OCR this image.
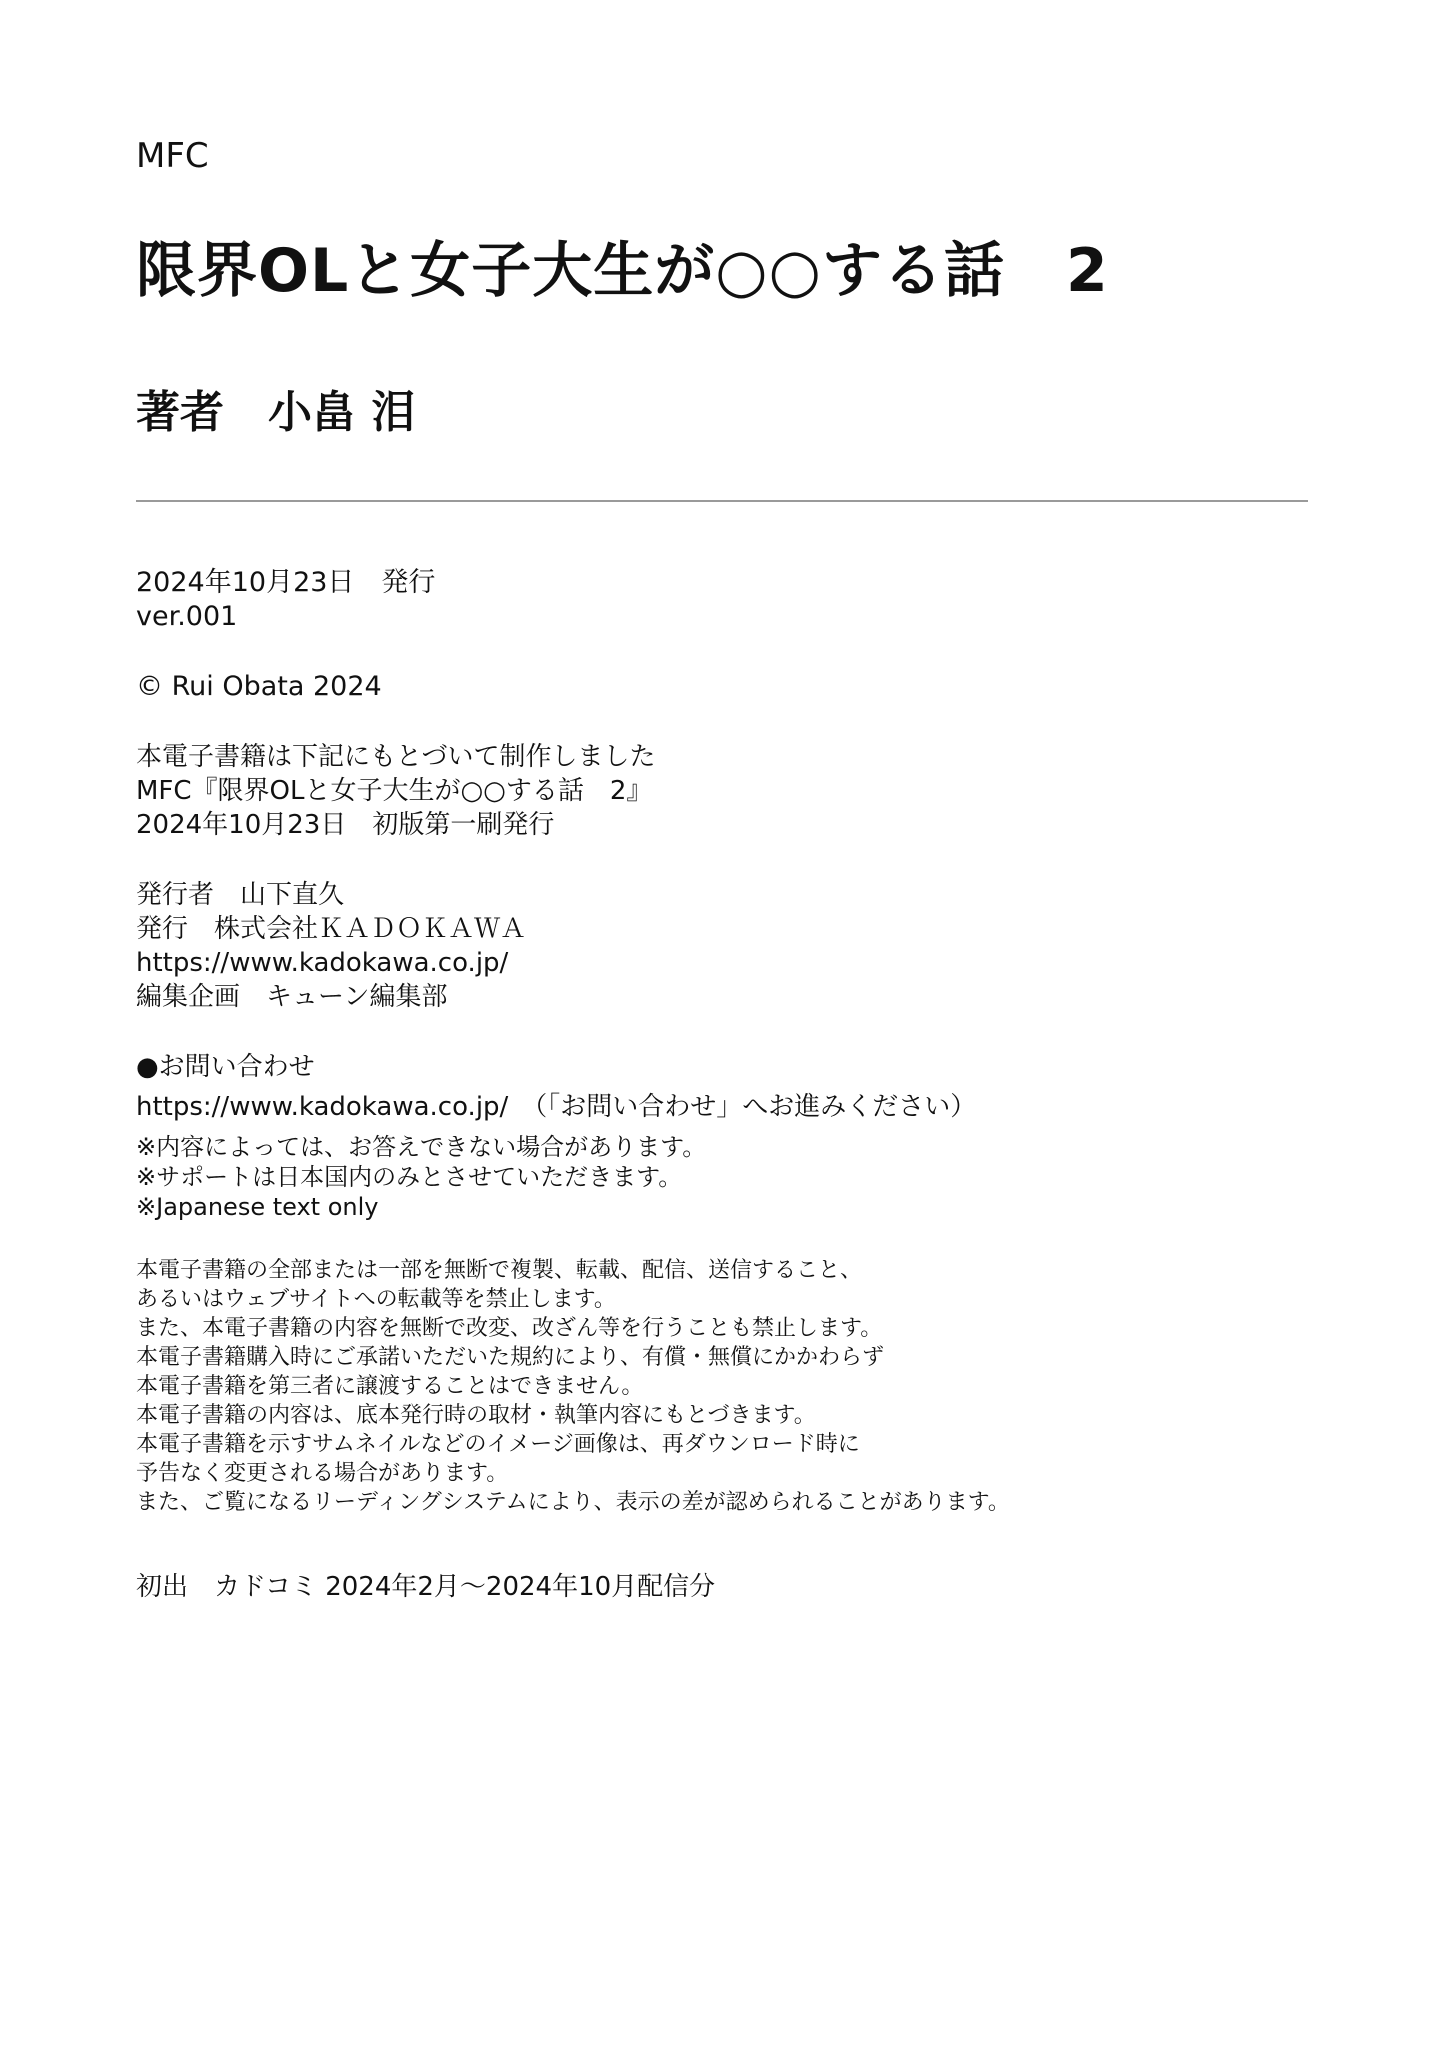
MFC
限界OLと女子大生が○○する話　2
著者　小畠 泪
2024年10月23日　発行
ver.001
© Rui Obata 2024
本電子書籍は下記にもとづいて制作しました
MFC『限界OLと女子大生が○○する話　2』
2024年10月23日　初版第一刷発行
発行者　山下直久
発行　株式会社ＫＡＤＯＫＡＷＡ
https://www.kadokawa.co.jp/
編集企画　キューン編集部
●お問い合わせ
https://www.kadokawa.co.jp/　（「お問い合わせ」へお進みください）
※内容によっては、お答えできない場合があります。
※サポートは日本国内のみとさせていただきます。
※Japanese text only
本電子書籍の全部または一部を無断で複製、転載、配信、送信すること、
あるいはウェブサイトへの転載等を禁止します。
また、本電子書籍の内容を無断で改変、改ざん等を行うことも禁止します。
本電子書籍購入時にご承諾いただいた規約により、有償・無償にかかわらず
本電子書籍を第三者に譲渡することはできません。
本電子書籍の内容は、底本発行時の取材・執筆内容にもとづきます。
本電子書籍を示すサムネイルなどのイメージ画像は、再ダウンロード時に
予告なく変更される場合があります。
また、ご覧になるリーディングシステムにより、表示の差が認められることがあります。
初出　カドコミ 2024年2月～2024年10月配信分
